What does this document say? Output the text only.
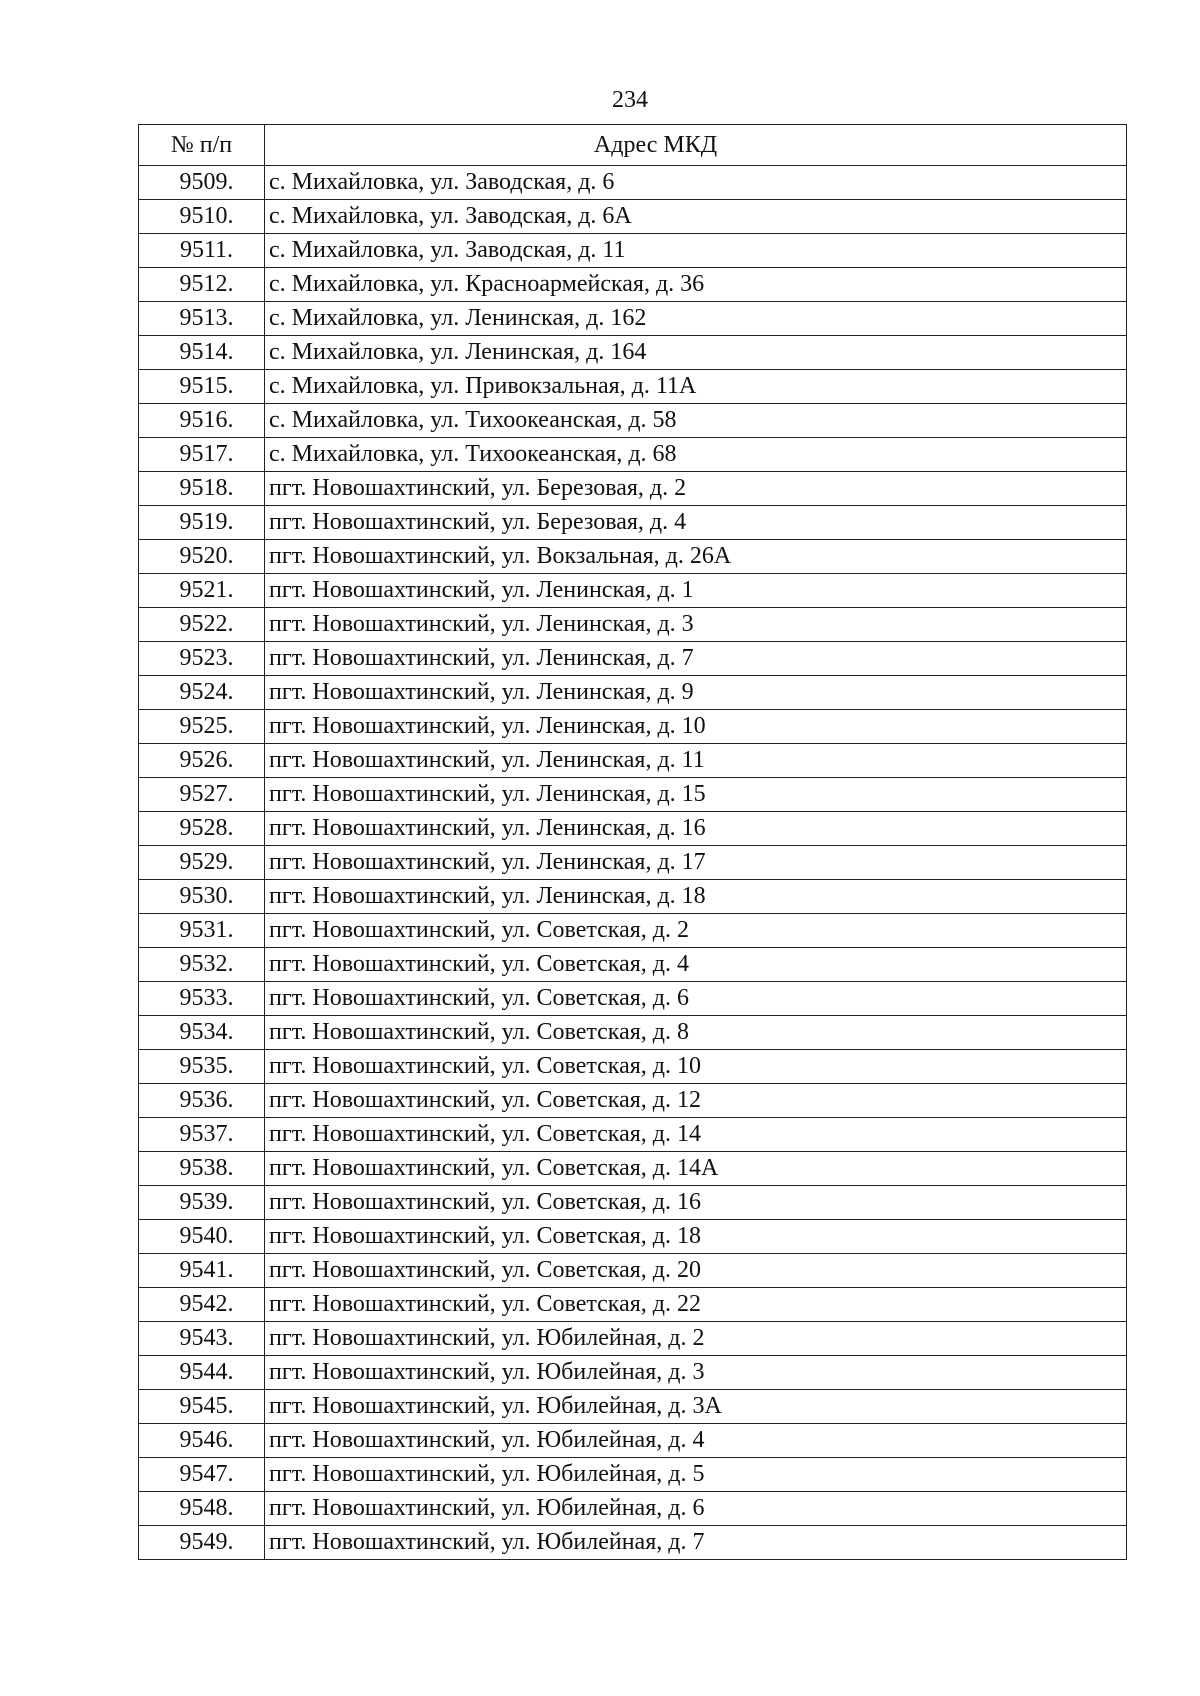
234
№ п/п	Адрес МКД
9509.	с. Михайловка, ул. Заводская, д. 6
9510.	с. Михайловка, ул. Заводская, д. 6А
9511.	с. Михайловка, ул. Заводская, д. 11
9512.	с. Михайловка, ул. Красноармейская, д. 36
9513.	с. Михайловка, ул. Ленинская, д. 162
9514.	с. Михайловка, ул. Ленинская, д. 164
9515.	с. Михайловка, ул. Привокзальная, д. 11А
9516.	с. Михайловка, ул. Тихоокеанская, д. 58
9517.	с. Михайловка, ул. Тихоокеанская, д. 68
9518.	пгт. Новошахтинский, ул. Березовая, д. 2
9519.	пгт. Новошахтинский, ул. Березовая, д. 4
9520.	пгт. Новошахтинский, ул. Вокзальная, д. 26А
9521.	пгт. Новошахтинский, ул. Ленинская, д. 1
9522.	пгт. Новошахтинский, ул. Ленинская, д. 3
9523.	пгт. Новошахтинский, ул. Ленинская, д. 7
9524.	пгт. Новошахтинский, ул. Ленинская, д. 9
9525.	пгт. Новошахтинский, ул. Ленинская, д. 10
9526.	пгт. Новошахтинский, ул. Ленинская, д. 11
9527.	пгт. Новошахтинский, ул. Ленинская, д. 15
9528.	пгт. Новошахтинский, ул. Ленинская, д. 16
9529.	пгт. Новошахтинский, ул. Ленинская, д. 17
9530.	пгт. Новошахтинский, ул. Ленинская, д. 18
9531.	пгт. Новошахтинский, ул. Советская, д. 2
9532.	пгт. Новошахтинский, ул. Советская, д. 4
9533.	пгт. Новошахтинский, ул. Советская, д. 6
9534.	пгт. Новошахтинский, ул. Советская, д. 8
9535.	пгт. Новошахтинский, ул. Советская, д. 10
9536.	пгт. Новошахтинский, ул. Советская, д. 12
9537.	пгт. Новошахтинский, ул. Советская, д. 14
9538.	пгт. Новошахтинский, ул. Советская, д. 14А
9539.	пгт. Новошахтинский, ул. Советская, д. 16
9540.	пгт. Новошахтинский, ул. Советская, д. 18
9541.	пгт. Новошахтинский, ул. Советская, д. 20
9542.	пгт. Новошахтинский, ул. Советская, д. 22
9543.	пгт. Новошахтинский, ул. Юбилейная, д. 2
9544.	пгт. Новошахтинский, ул. Юбилейная, д. 3
9545.	пгт. Новошахтинский, ул. Юбилейная, д. 3А
9546.	пгт. Новошахтинский, ул. Юбилейная, д. 4
9547.	пгт. Новошахтинский, ул. Юбилейная, д. 5
9548.	пгт. Новошахтинский, ул. Юбилейная, д. 6
9549.	пгт. Новошахтинский, ул. Юбилейная, д. 7
